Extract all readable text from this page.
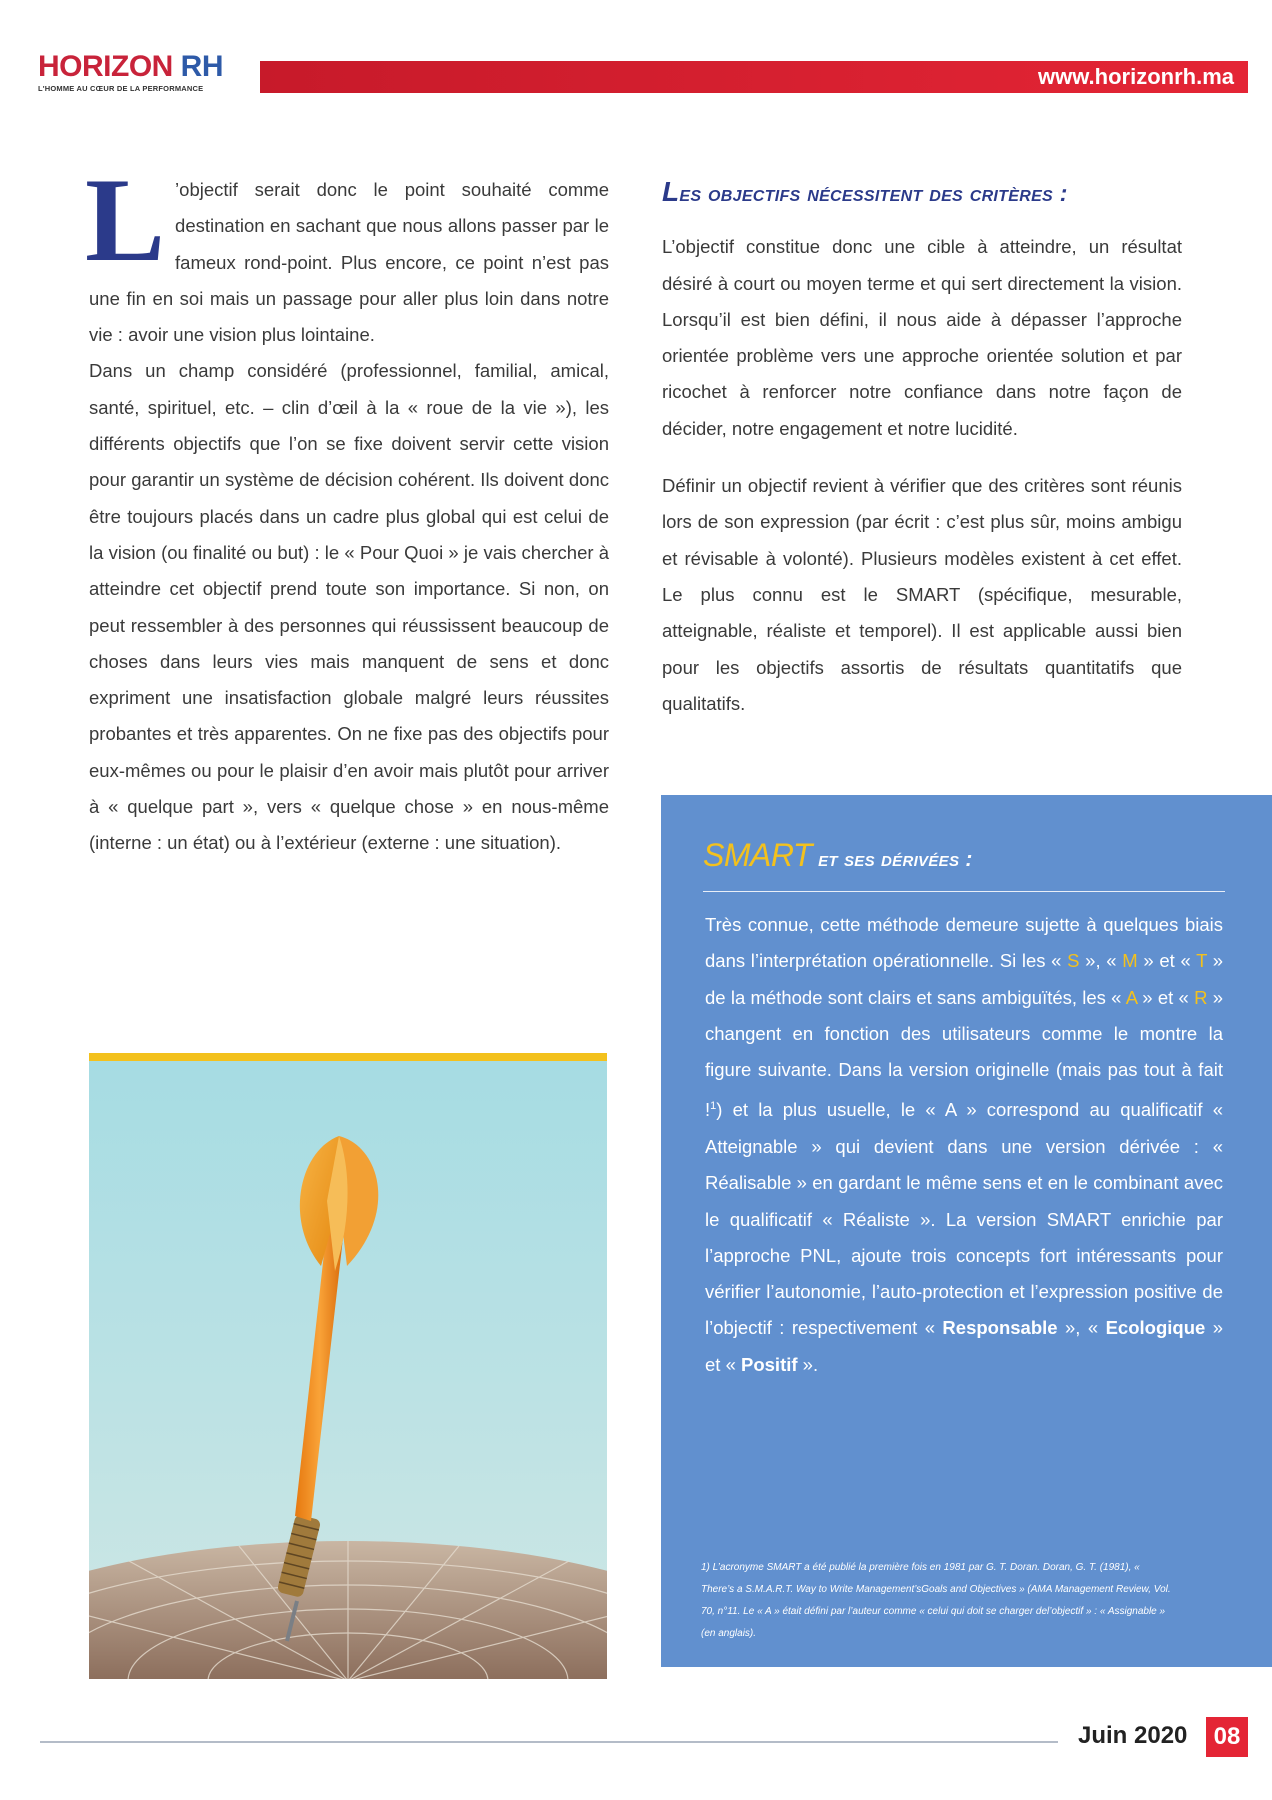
HORIZON RH
L'HOMME AU CŒUR DE LA PERFORMANCE	www.horizonrh.ma

L ’objectif serait donc le point souhaité comme destination en sachant que nous allons passer par le fameux rond-point. Plus encore, ce point n’est pas une fin en soi mais un passage pour aller plus loin dans notre vie : avoir une vision plus lointaine.

Dans un champ considéré (professionnel, familial, amical, santé, spirituel, etc. – clin d’œil à la « roue de la vie »), les différents objectifs que l’on se fixe doivent servir cette vision pour garantir un système de décision cohérent. Ils doivent donc être toujours placés dans un cadre plus global qui est celui de la vision (ou finalité ou but) : le « Pour Quoi » je vais chercher à atteindre cet objectif prend toute son importance. Si non, on peut ressembler à des personnes qui réussissent beaucoup de choses dans leurs vies mais manquent de sens et donc expriment une insatisfaction globale malgré leurs réussites probantes et très apparentes. On ne fixe pas des objectifs pour eux-mêmes ou pour le plaisir d’en avoir mais plutôt pour arriver à « quelque part », vers « quelque chose » en nous-même (interne : un état) ou à l’extérieur (externe : une situation).

Les objectifs nécessitent des critères :

L’objectif constitue donc une cible à atteindre, un résultat désiré à court ou moyen terme et qui sert directement la vision. Lorsqu’il est bien défini, il nous aide à dépasser l’approche orientée problème vers une approche orientée solution et par ricochet à renforcer notre confiance dans notre façon de décider, notre engagement et notre lucidité.

Définir un objectif revient à vérifier que des critères sont réunis lors de son expression (par écrit : c’est plus sûr, moins ambigu et révisable à volonté). Plusieurs modèles existent à cet effet. Le plus connu est le SMART (spécifique, mesurable, atteignable, réaliste et temporel). Il est applicable aussi bien pour les objectifs assortis de résultats quantitatifs que qualitatifs.

SMART et ses dérivées :
Très connue, cette méthode demeure sujette à quelques biais dans l’interprétation opérationnelle. Si les « S », « M » et « T » de la méthode sont clairs et sans ambiguïtés, les « A » et « R » changent en fonction des utilisateurs comme le montre la figure suivante. Dans la version originelle (mais pas tout à fait !$^1$) et la plus usuelle, le « A » correspond au qualificatif « Atteignable » qui devient dans une version dérivée : « Réalisable » en gardant le même sens et en le combinant avec le qualificatif « Réaliste ». La version SMART enrichie par l’approche PNL, ajoute trois concepts fort intéressants pour vérifier l’autonomie, l’auto-protection et l’expression positive de l’objectif : respectivement « Responsable », « Ecologique » et « Positif ».
1) L’acronyme SMART a été publié la première fois en 1981 par G. T. Doran. Doran, G. T. (1981), « There’s a S.M.A.R.T. Way to Write Management’sGoals and Objectives » (AMA Management Review, Vol. 70, n°11. Le « A » était défini par l’auteur comme « celui qui doit se charger del’objectif » : « Assignable » (en anglais).
Juin 2020	08
